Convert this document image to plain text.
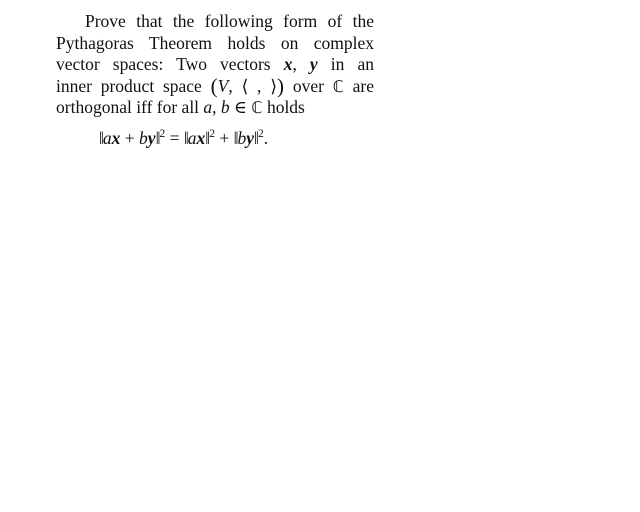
Prove that the following form of the
Pythagoras Theorem holds on complex
vector spaces: Two vectors x, y in an
inner product space (V, ⟨ , ⟩) over ℂ are
orthogonal iff for all a, b ∈ ℂ holds
‖ax + by‖$^2$ = ‖ax‖$^2$ + ‖by‖$^2$.
